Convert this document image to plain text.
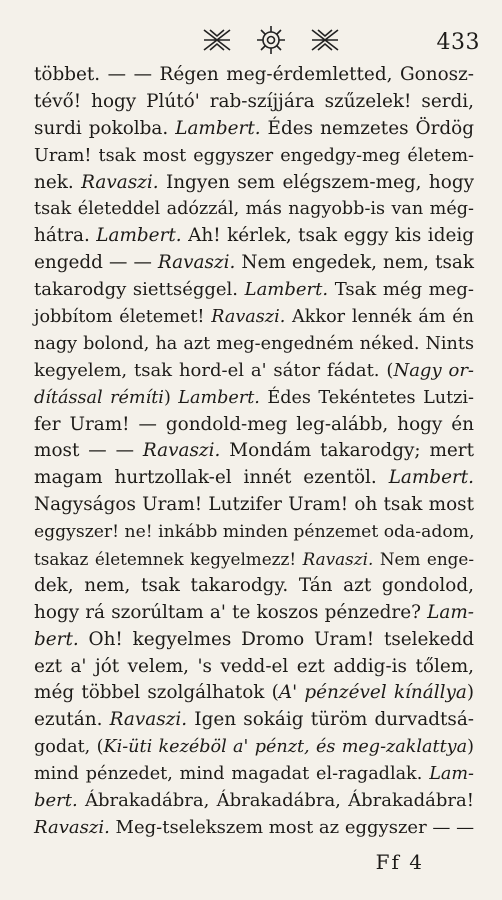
433
többet. — — Régen meg-érdemletted, Gonosz-
tévő! hogy Plútó' rab-szíjjára szűzelek! serdi,
surdi pokolba. Lambert. Édes nemzetes Ördög
Uram! tsak most eggyszer engedgy-meg életem-
nek. Ravaszi. Ingyen sem elégszem-meg, hogy
tsak életeddel adózzál, más nagyobb-is van még-
hátra. Lambert. Ah! kérlek, tsak eggy kis ideig
engedd — — Ravaszi. Nem engedek, nem, tsak
takarodgy siettséggel. Lambert. Tsak még meg-
jobbítom életemet! Ravaszi. Akkor lennék ám én
nagy bolond, ha azt meg-engedném néked. Nints
kegyelem, tsak hord-el a' sátor fádat. (Nagy or-
dítással rémíti) Lambert. Édes Tekéntetes Lutzi-
fer Uram! — gondold-meg leg-alább, hogy én
most — — Ravaszi. Mondám takarodgy; mert
magam hurtzollak-el innét ezentöl. Lambert.
Nagyságos Uram! Lutzifer Uram! oh tsak most
eggyszer! ne! inkább minden pénzemet oda-adom,
tsakaz életemnek kegyelmezz! Ravaszi. Nem enge-
dek, nem, tsak takarodgy. Tán azt gondolod,
hogy rá szorúltam a' te koszos pénzedre? Lam-
bert. Oh! kegyelmes Dromo Uram! tselekedd
ezt a' jót velem, 's vedd-el ezt addig-is tőlem,
még többel szolgálhatok (A' pénzével kínállya)
ezután. Ravaszi. Igen sokáig türöm durvadtsá-
godat, (Ki-üti kezéböl a' pénzt, és meg-zaklattya)
mind pénzedet, mind magadat el-ragadlak. Lam-
bert. Ábrakadábra, Ábrakadábra, Ábrakadábra!
Ravaszi. Meg-tselekszem most az eggyszer — —
Ff 4
